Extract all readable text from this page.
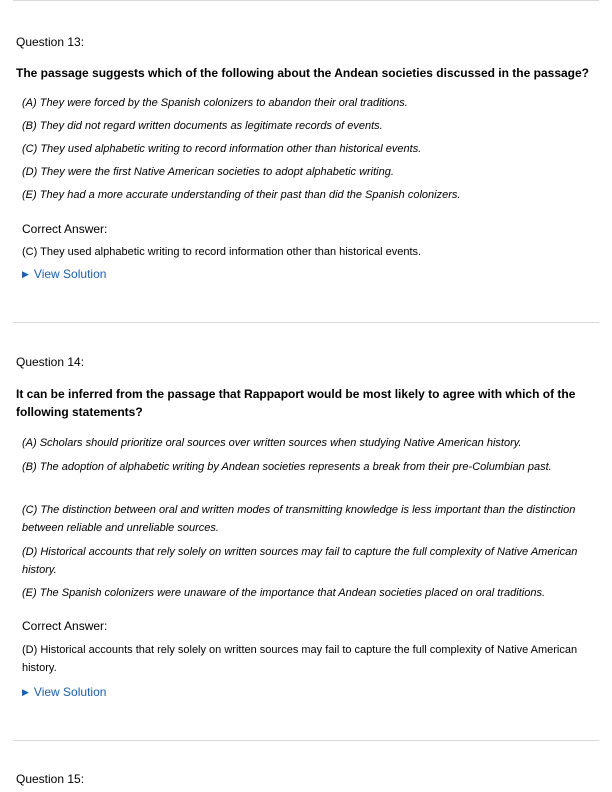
Question 13:
The passage suggests which of the following about the Andean societies discussed in the passage?
(A) They were forced by the Spanish colonizers to abandon their oral traditions.
(B) They did not regard written documents as legitimate records of events.
(C) They used alphabetic writing to record information other than historical events.
(D) They were the first Native American societies to adopt alphabetic writing.
(E) They had a more accurate understanding of their past than did the Spanish colonizers.
Correct Answer:
(C) They used alphabetic writing to record information other than historical events.
▶ View Solution
Question 14:
It can be inferred from the passage that Rappaport would be most likely to agree with which of the following statements?
(A) Scholars should prioritize oral sources over written sources when studying Native American history.
(B) The adoption of alphabetic writing by Andean societies represents a break from their pre-Columbian past.
(C) The distinction between oral and written modes of transmitting knowledge is less important than the distinction between reliable and unreliable sources.
(D) Historical accounts that rely solely on written sources may fail to capture the full complexity of Native American history.
(E) The Spanish colonizers were unaware of the importance that Andean societies placed on oral traditions.
Correct Answer:
(D) Historical accounts that rely solely on written sources may fail to capture the full complexity of Native American history.
▶ View Solution
Question 15:
